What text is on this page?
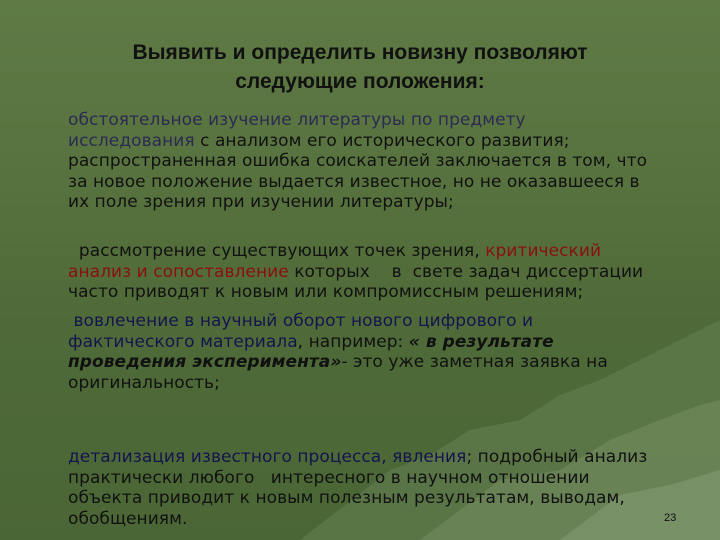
Выявить и определить новизну позволяют
следующие положения:
обстоятельное изучение литературы по предмету
исследования с анализом его исторического развития;
распространенная ошибка соискателей заключается в том, что
за новое положение выдается известное, но не оказавшееся в
их поле зрения при изучении литературы;
рассмотрение существующих точек зрения, критический
анализ и сопоставление которых    в  свете задач диссертации
часто приводят к новым или компромиссным решениям;
вовлечение в научный оборот нового цифрового и
фактического материала, например: « в результате
проведения эксперимента»- это уже заметная заявка на
оригинальность;
детализация известного процесса, явления; подробный анализ
практически любого   интересного в научном отношении
объекта приводит к новым полезным результатам, выводам,
обобщениям.	23
